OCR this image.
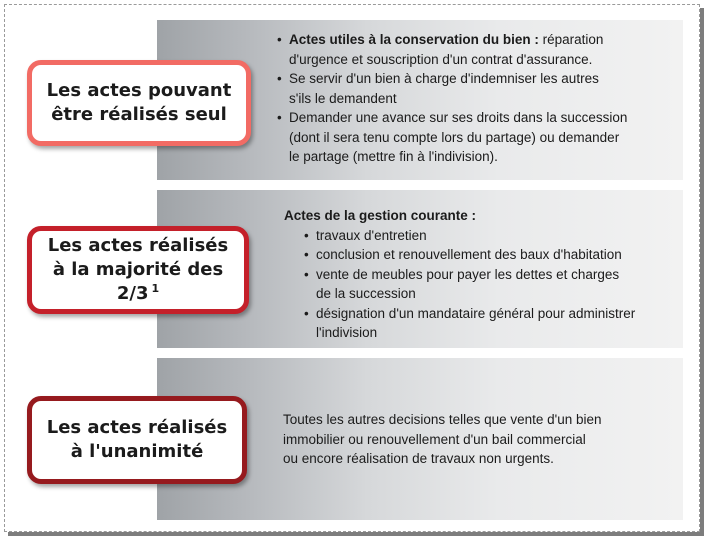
Les actes pouvant
être réalisés seul
• Actes utiles à la conservation du bien : réparation
d'urgence et souscription d'un contrat d'assurance.
• Se servir d'un bien à charge d'indemniser les autres
s'ils le demandent
• Demander une avance sur ses droits dans la succession
(dont il sera tenu compte lors du partage) ou demander
le partage (mettre fin à l'indivision).
Les actes réalisés
à la majorité des 2/3 $^1$
Actes de la gestion courante :
• travaux d'entretien
• conclusion et renouvellement des baux d'habitation
• vente de meubles pour payer les dettes et charges
de la succession
• désignation d'un mandataire général pour administrer
l'indivision
Les actes réalisés
à l'unanimité
Toutes les autres decisions telles que vente d'un bien
immobilier ou renouvellement d'un bail commercial
ou encore réalisation de travaux non urgents.
